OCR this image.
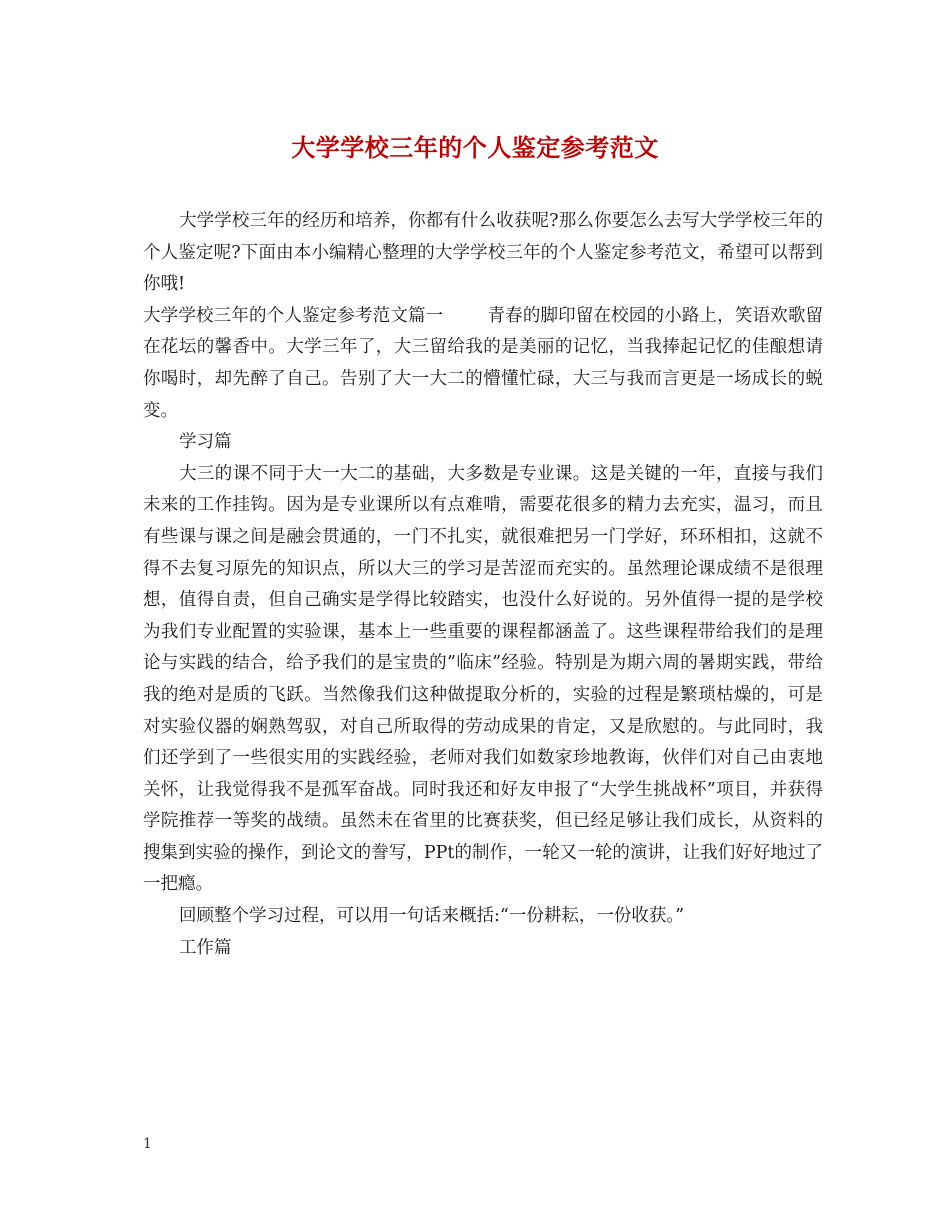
大学学校三年的个人鉴定参考范文

大学学校三年的经历和培养，你都有什么收获呢?那么你要怎么去写大学学校三年的个人鉴定呢?下面由本小编精心整理的大学学校三年的个人鉴定参考范文，希望可以帮到你哦!

大学学校三年的个人鉴定参考范文篇一	青春的脚印留在校园的小路上，笑语欢歌留在花坛的馨香中。大学三年了，大三留给我的是美丽的记忆，当我捧起记忆的佳酿想请你喝时，却先醉了自己。告别了大一大二的懵懂忙碌，大三与我而言更是一场成长的蜕变。

学习篇

大三的课不同于大一大二的基础，大多数是专业课。这是关键的一年，直接与我们未来的工作挂钩。因为是专业课所以有点难啃，需要花很多的精力去充实，温习，而且有些课与课之间是融会贯通的，一门不扎实，就很难把另一门学好，环环相扣，这就不得不去复习原先的知识点，所以大三的学习是苦涩而充实的。虽然理论课成绩不是很理想，值得自责，但自己确实是学得比较踏实，也没什么好说的。另外值得一提的是学校为我们专业配置的实验课，基本上一些重要的课程都涵盖了。这些课程带给我们的是理论与实践的结合，给予我们的是宝贵的”临床”经验。特别是为期六周的暑期实践，带给我的绝对是质的飞跃。当然像我们这种做提取分析的，实验的过程是繁琐枯燥的，可是对实验仪器的娴熟驾驭，对自己所取得的劳动成果的肯定，又是欣慰的。与此同时，我们还学到了一些很实用的实践经验，老师对我们如数家珍地教诲，伙伴们对自己由衷地关怀，让我觉得我不是孤军奋战。同时我还和好友申报了“大学生挑战杯”项目，并获得学院推荐一等奖的战绩。虽然未在省里的比赛获奖，但已经足够让我们成长，从资料的搜集到实验的操作，到论文的誊写，PPt的制作，一轮又一轮的演讲，让我们好好地过了一把瘾。

回顾整个学习过程，可以用一句话来概括:“一份耕耘，一份收获。”

工作篇

1
